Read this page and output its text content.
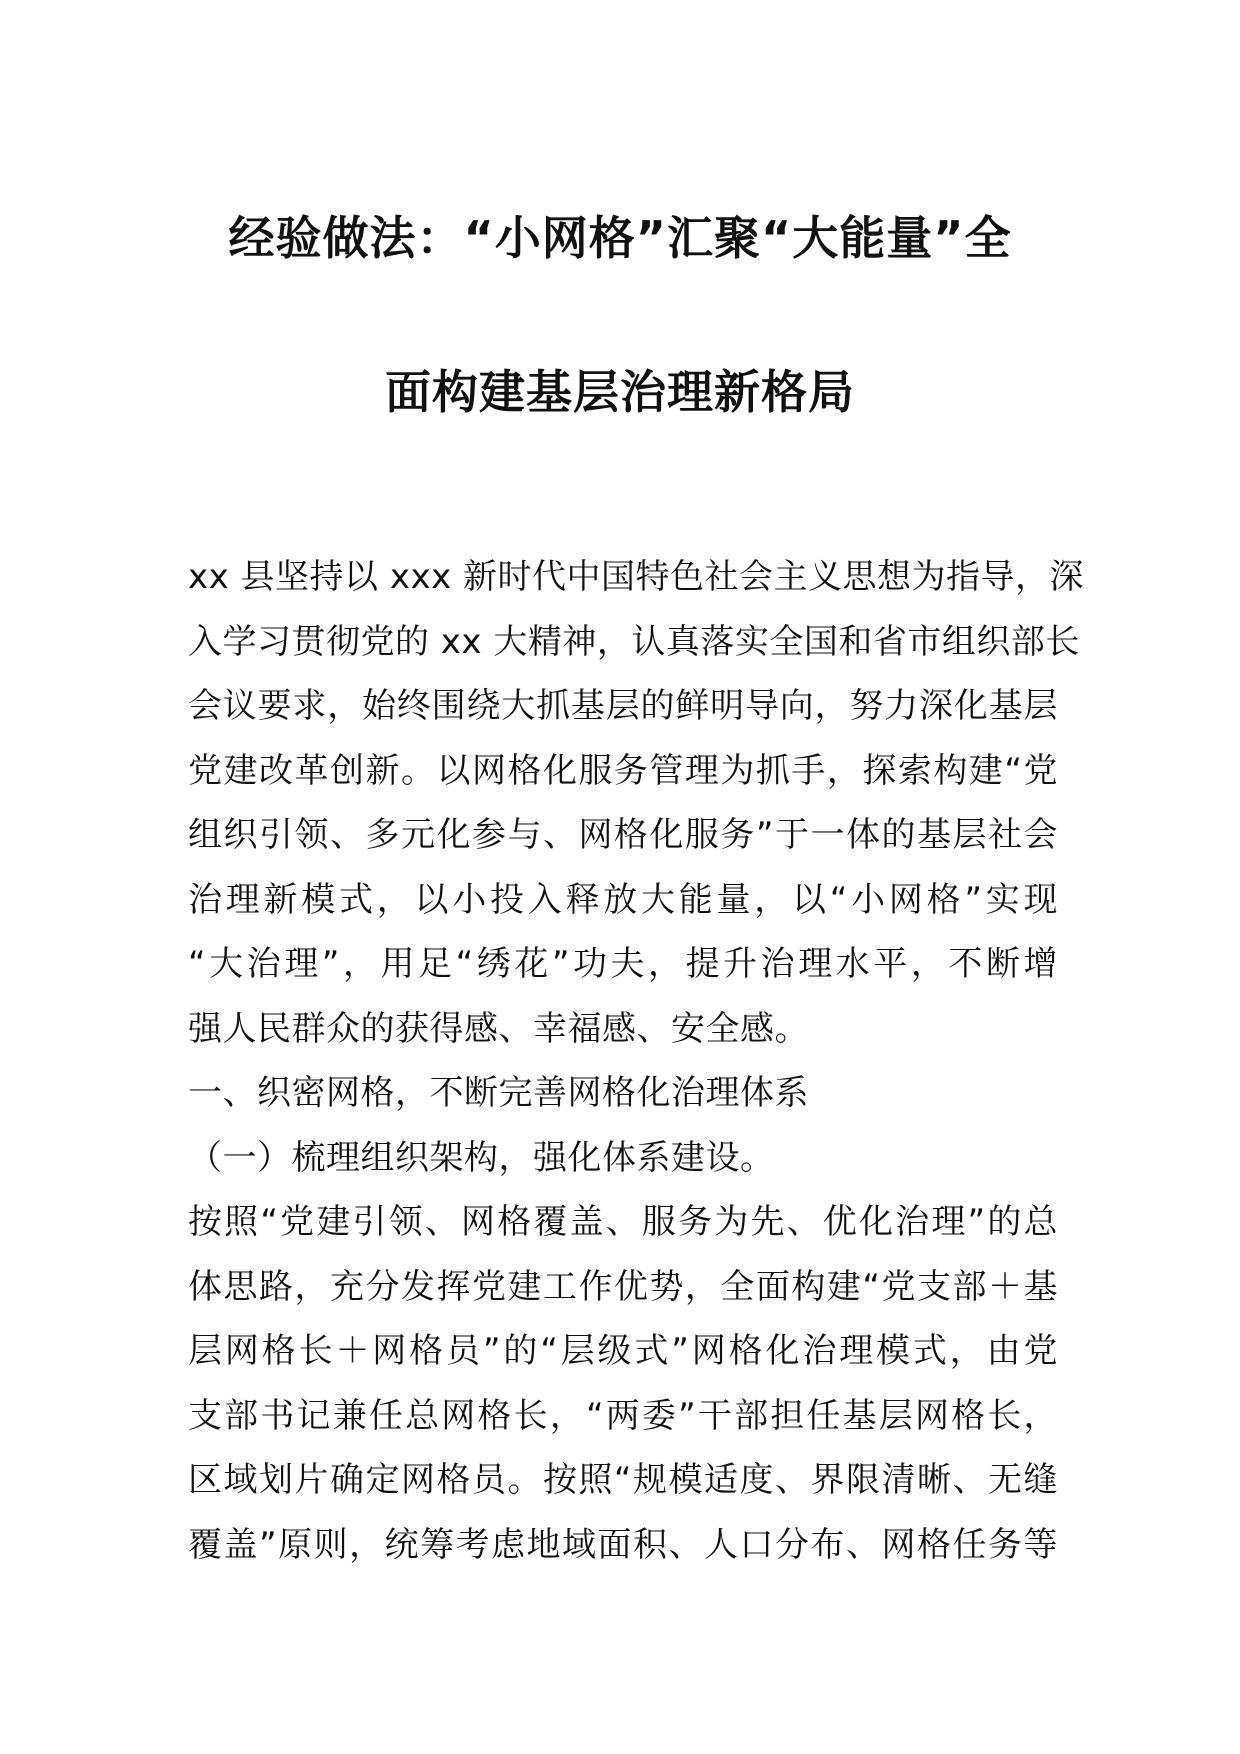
经验做法：“小网格”汇聚“大能量”全
面构建基层治理新格局

xx 县坚持以 xxx 新时代中国特色社会主义思想为指导，深

入学习贯彻党的 xx 大精神，认真落实全国和省市组织部长

会议要求，始终围绕大抓基层的鲜明导向，努力深化基层

党建改革创新。以网格化服务管理为抓手，探索构建“党

组织引领、多元化参与、网格化服务”于一体的基层社会

治理新模式，以小投入释放大能量，以“小网格”实现

“大治理”，用足“绣花”功夫，提升治理水平，不断增

强人民群众的获得感、幸福感、安全感。

一、织密网格，不断完善网格化治理体系

（一）梳理组织架构，强化体系建设。

按照“党建引领、网格覆盖、服务为先、优化治理”的总

体思路，充分发挥党建工作优势，全面构建“党支部＋基

层网格长＋网格员”的“层级式”网格化治理模式，由党

支部书记兼任总网格长，“两委”干部担任基层网格长，

区域划片确定网格员。按照“规模适度、界限清晰、无缝

覆盖”原则，统筹考虑地域面积、人口分布、网格任务等
